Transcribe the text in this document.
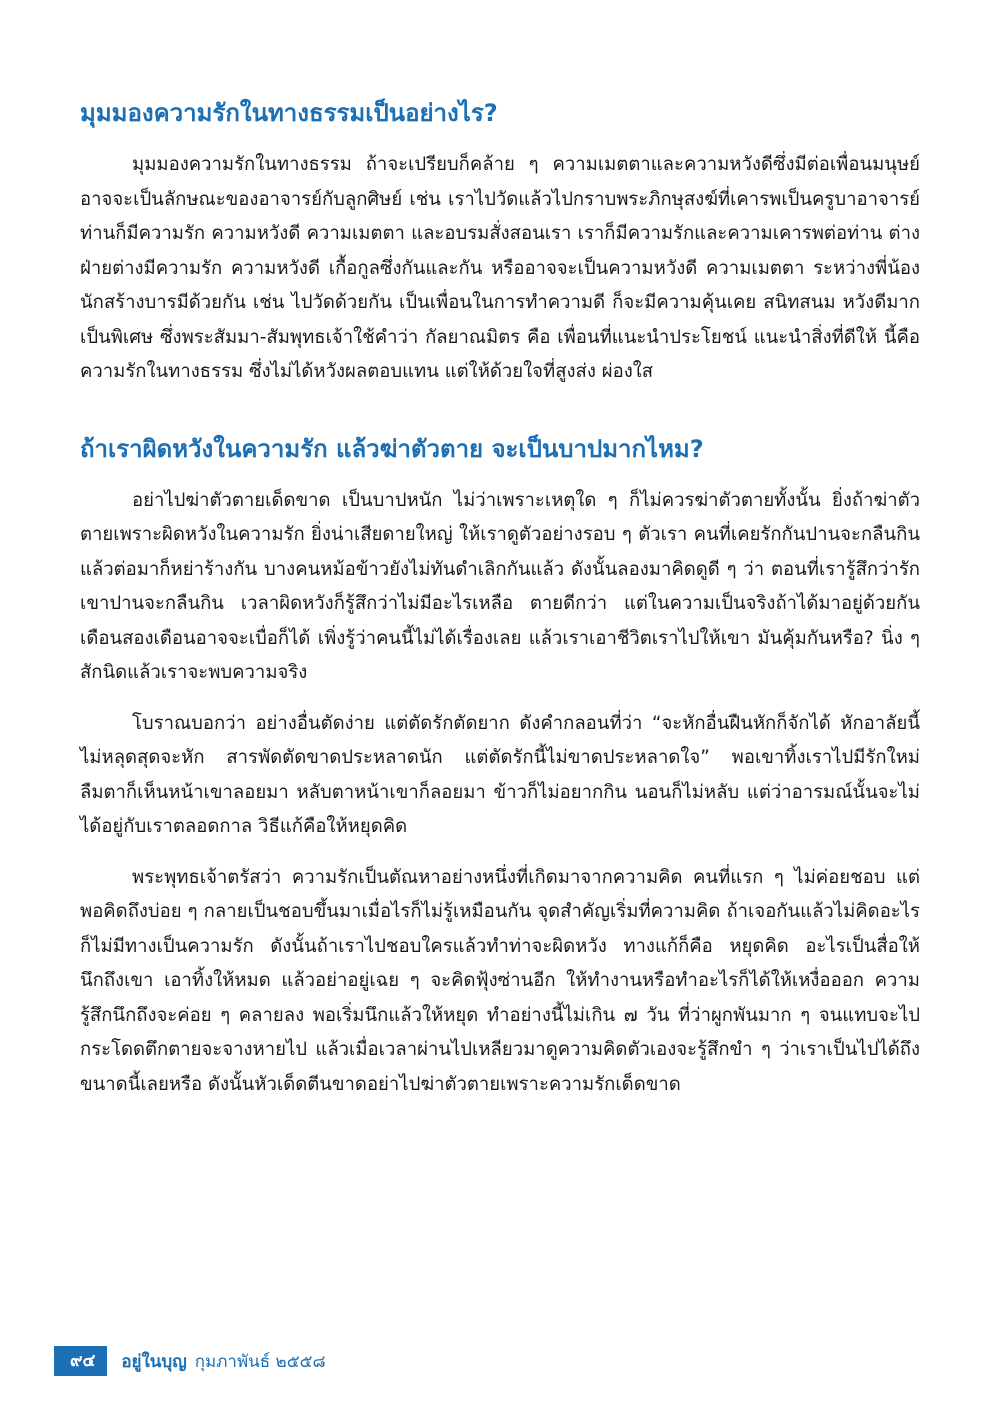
มุมมองความรักในทางธรรมเป็นอย่างไร?

มุมมองความรักในทางธรรม ถ้าจะเปรียบก็คล้าย ๆ ความเมตตาและความหวังดีซึ่งมีต่อเพื่อนมนุษย์ อาจจะเป็นลักษณะของอาจารย์กับลูกศิษย์ เช่น เราไปวัดแล้วไปกราบพระภิกษุสงฆ์ที่เคารพเป็นครูบาอาจารย์ ท่านก็มีความรัก ความหวังดี ความเมตตา และอบรมสั่งสอนเรา เราก็มีความรักและความเคารพต่อท่าน ต่างฝ่ายต่างมีความรัก ความหวังดี เกื้อกูลซึ่งกันและกัน หรืออาจจะเป็นความหวังดี ความเมตตา ระหว่างพี่น้องนักสร้างบารมีด้วยกัน เช่น ไปวัดด้วยกัน เป็นเพื่อนในการทำความดี ก็จะมีความคุ้นเคย สนิทสนม หวังดีมากเป็นพิเศษ ซึ่งพระสัมมา-สัมพุทธเจ้าใช้คำว่า กัลยาณมิตร คือ เพื่อนที่แนะนำประโยชน์ แนะนำสิ่งที่ดีให้ นี้คือความรักในทางธรรม ซึ่งไม่ได้หวังผลตอบแทน แต่ให้ด้วยใจที่สูงส่ง ผ่องใส

ถ้าเราผิดหวังในความรัก แล้วฆ่าตัวตาย จะเป็นบาปมากไหม?

อย่าไปฆ่าตัวตายเด็ดขาด เป็นบาปหนัก ไม่ว่าเพราะเหตุใด ๆ ก็ไม่ควรฆ่าตัวตายทั้งนั้น ยิ่งถ้าฆ่าตัวตายเพราะผิดหวังในความรัก ยิ่งน่าเสียดายใหญ่ ให้เราดูตัวอย่างรอบ ๆ ตัวเรา คนที่เคยรักกันปานจะกลืนกินแล้วต่อมาก็หย่าร้างกัน บางคนหม้อข้าวยังไม่ทันดำเลิกกันแล้ว ดังนั้นลองมาคิดดูดี ๆ ว่า ตอนที่เรารู้สึกว่ารักเขาปานจะกลืนกิน เวลาผิดหวังก็รู้สึกว่าไม่มีอะไรเหลือ ตายดีกว่า แต่ในความเป็นจริงถ้าได้มาอยู่ด้วยกันเดือนสองเดือนอาจจะเบื่อก็ได้ เพิ่งรู้ว่าคนนี้ไม่ได้เรื่องเลย แล้วเราเอาชีวิตเราไปให้เขา มันคุ้มกันหรือ? นิ่ง ๆ สักนิดแล้วเราจะพบความจริง

โบราณบอกว่า อย่างอื่นตัดง่าย แต่ตัดรักตัดยาก ดังคำกลอนที่ว่า “จะหักอื่นฝืนหักก็จักได้ หักอาลัยนี้ไม่หลุดสุดจะหัก สารพัดตัดขาดประหลาดนัก แต่ตัดรักนี้ไม่ขาดประหลาดใจ” พอเขาทิ้งเราไปมีรักใหม่ ลืมตาก็เห็นหน้าเขาลอยมา หลับตาหน้าเขาก็ลอยมา ข้าวก็ไม่อยากกิน นอนก็ไม่หลับ แต่ว่าอารมณ์นั้นจะไม่ได้อยู่กับเราตลอดกาล วิธีแก้คือให้หยุดคิด

พระพุทธเจ้าตรัสว่า ความรักเป็นตัณหาอย่างหนึ่งที่เกิดมาจากความคิด คนที่แรก ๆ ไม่ค่อยชอบ แต่พอคิดถึงบ่อย ๆ กลายเป็นชอบขึ้นมาเมื่อไรก็ไม่รู้เหมือนกัน จุดสำคัญเริ่มที่ความคิด ถ้าเจอกันแล้วไม่คิดอะไรก็ไม่มีทางเป็นความรัก ดังนั้นถ้าเราไปชอบใครแล้วทำท่าจะผิดหวัง ทางแก้ก็คือ หยุดคิด อะไรเป็นสื่อให้นึกถึงเขา เอาทิ้งให้หมด แล้วอย่าอยู่เฉย ๆ จะคิดฟุ้งซ่านอีก ให้ทำงานหรือทำอะไรก็ได้ให้เหงื่อออก ความรู้สึกนึกถึงจะค่อย ๆ คลายลง พอเริ่มนึกแล้วให้หยุด ทำอย่างนี้ไม่เกิน ๗ วัน ที่ว่าผูกพันมาก ๆ จนแทบจะไปกระโดดตึกตายจะจางหายไป แล้วเมื่อเวลาผ่านไปเหลียวมาดูความคิดตัวเองจะรู้สึกขำ ๆ ว่าเราเป็นไปได้ถึงขนาดนี้เลยหรือ ดังนั้นหัวเด็ดตีนขาดอย่าไปฆ่าตัวตายเพราะความรักเด็ดขาด

๙๔	อยู่ในบุญ กุมภาพันธ์ ๒๕๕๘
